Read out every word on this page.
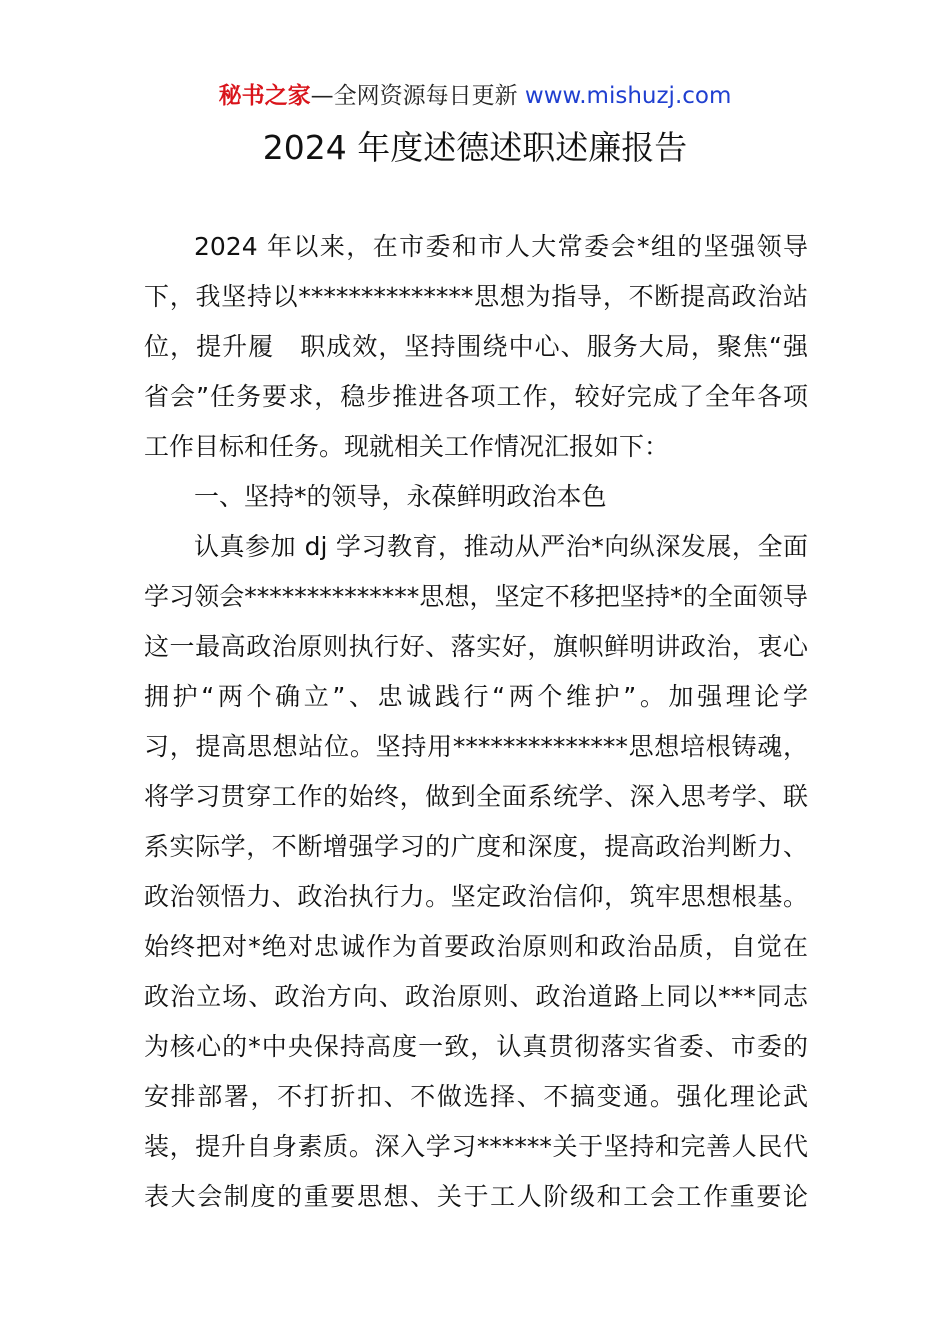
秘书之家—全网资源每日更新 www.mishuzj.com
2024 年度述德述职述廉报告
2024 年以来，在市委和市人大常委会*组的坚强领导
下，我坚持以**************思想为指导，不断提高政治站
位，提升履　职成效，坚持围绕中心、服务大局，聚焦“强
省会”任务要求，稳步推进各项工作，较好完成了全年各项
工作目标和任务。现就相关工作情况汇报如下：
一、坚持*的领导，永葆鲜明政治本色
认真参加 dj 学习教育，推动从严治*向纵深发展，全面
学习领会**************思想，坚定不移把坚持*的全面领导
这一最高政治原则执行好、落实好，旗帜鲜明讲政治，衷心
拥护“两个确立”、忠诚践行“两个维护”。加强理论学
习，提高思想站位。坚持用**************思想培根铸魂，
将学习贯穿工作的始终，做到全面系统学、深入思考学、联
系实际学，不断增强学习的广度和深度，提高政治判断力、
政治领悟力、政治执行力。坚定政治信仰，筑牢思想根基。
始终把对*绝对忠诚作为首要政治原则和政治品质，自觉在
政治立场、政治方向、政治原则、政治道路上同以***同志
为核心的*中央保持高度一致，认真贯彻落实省委、市委的
安排部署，不打折扣、不做选择、不搞变通。强化理论武
装，提升自身素质。深入学习******关于坚持和完善人民代
表大会制度的重要思想、关于工人阶级和工会工作重要论
